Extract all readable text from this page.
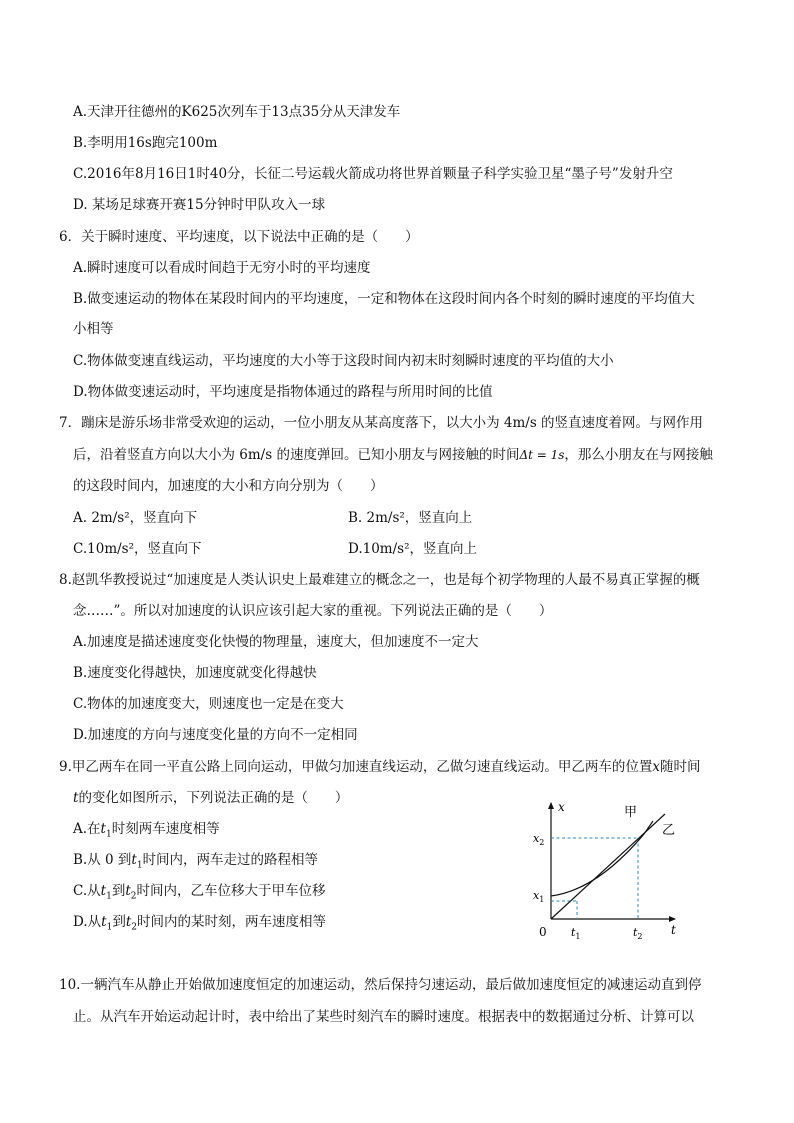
A.天津开往德州的K625次列车于13点35分从天津发车
B.李明用16s跑完100m
C.2016年8月16日1时40分，长征二号运载火箭成功将世界首颗量子科学实验卫星“墨子号”发射升空
D. 某场足球赛开赛15分钟时甲队攻入一球
6．关于瞬时速度、平均速度，以下说法中正确的是（　　）
A.瞬时速度可以看成时间趋于无穷小时的平均速度
B.做变速运动的物体在某段时间内的平均速度，一定和物体在这段时间内各个时刻的瞬时速度的平均值大
小相等
C.物体做变速直线运动，平均速度的大小等于这段时间内初末时刻瞬时速度的平均值的大小
D.物体做变速运动时，平均速度是指物体通过的路程与所用时间的比值
7．蹦床是游乐场非常受欢迎的运动，一位小朋友从某高度落下，以大小为 4m/s 的竖直速度着网。与网作用
后，沿着竖直方向以大小为 6m/s 的速度弹回。已知小朋友与网接触的时间Δt = 1s，那么小朋友在与网接触
的这段时间内，加速度的大小和方向分别为（　　）
A. 2m/s²，竖直向下	B. 2m/s²，竖直向上
C.10m/s²，竖直向下	D.10m/s²，竖直向上
8.赵凯华教授说过“加速度是人类认识史上最难建立的概念之一，也是每个初学物理的人最不易真正掌握的概
念……”。所以对加速度的认识应该引起大家的重视。下列说法正确的是（　　）
A.加速度是描述速度变化快慢的物理量，速度大，但加速度不一定大
B.速度变化得越快，加速度就变化得越快
C.物体的加速度变大，则速度也一定是在变大
D.加速度的方向与速度变化量的方向不一定相同
9.甲乙两车在同一平直公路上同向运动，甲做匀加速直线运动，乙做匀速直线运动。甲乙两车的位置x随时间
t的变化如图所示，下列说法正确的是（　　）
A.在$t_1$时刻两车速度相等
B.从 0 到$t_1$时间内，两车走过的路程相等
C.从$t_1$到$t_2$时间内，乙车位移大于甲车位移
D.从$t_1$到$t_2$时间内的某时刻，两车速度相等
x
t
0
$x_2$
$x_1$
$t_1$	$t_2$
甲
乙
10.一辆汽车从静止开始做加速度恒定的加速运动，然后保持匀速运动，最后做加速度恒定的减速运动直到停
止。从汽车开始运动起计时，表中给出了某些时刻汽车的瞬时速度。根据表中的数据通过分析、计算可以
